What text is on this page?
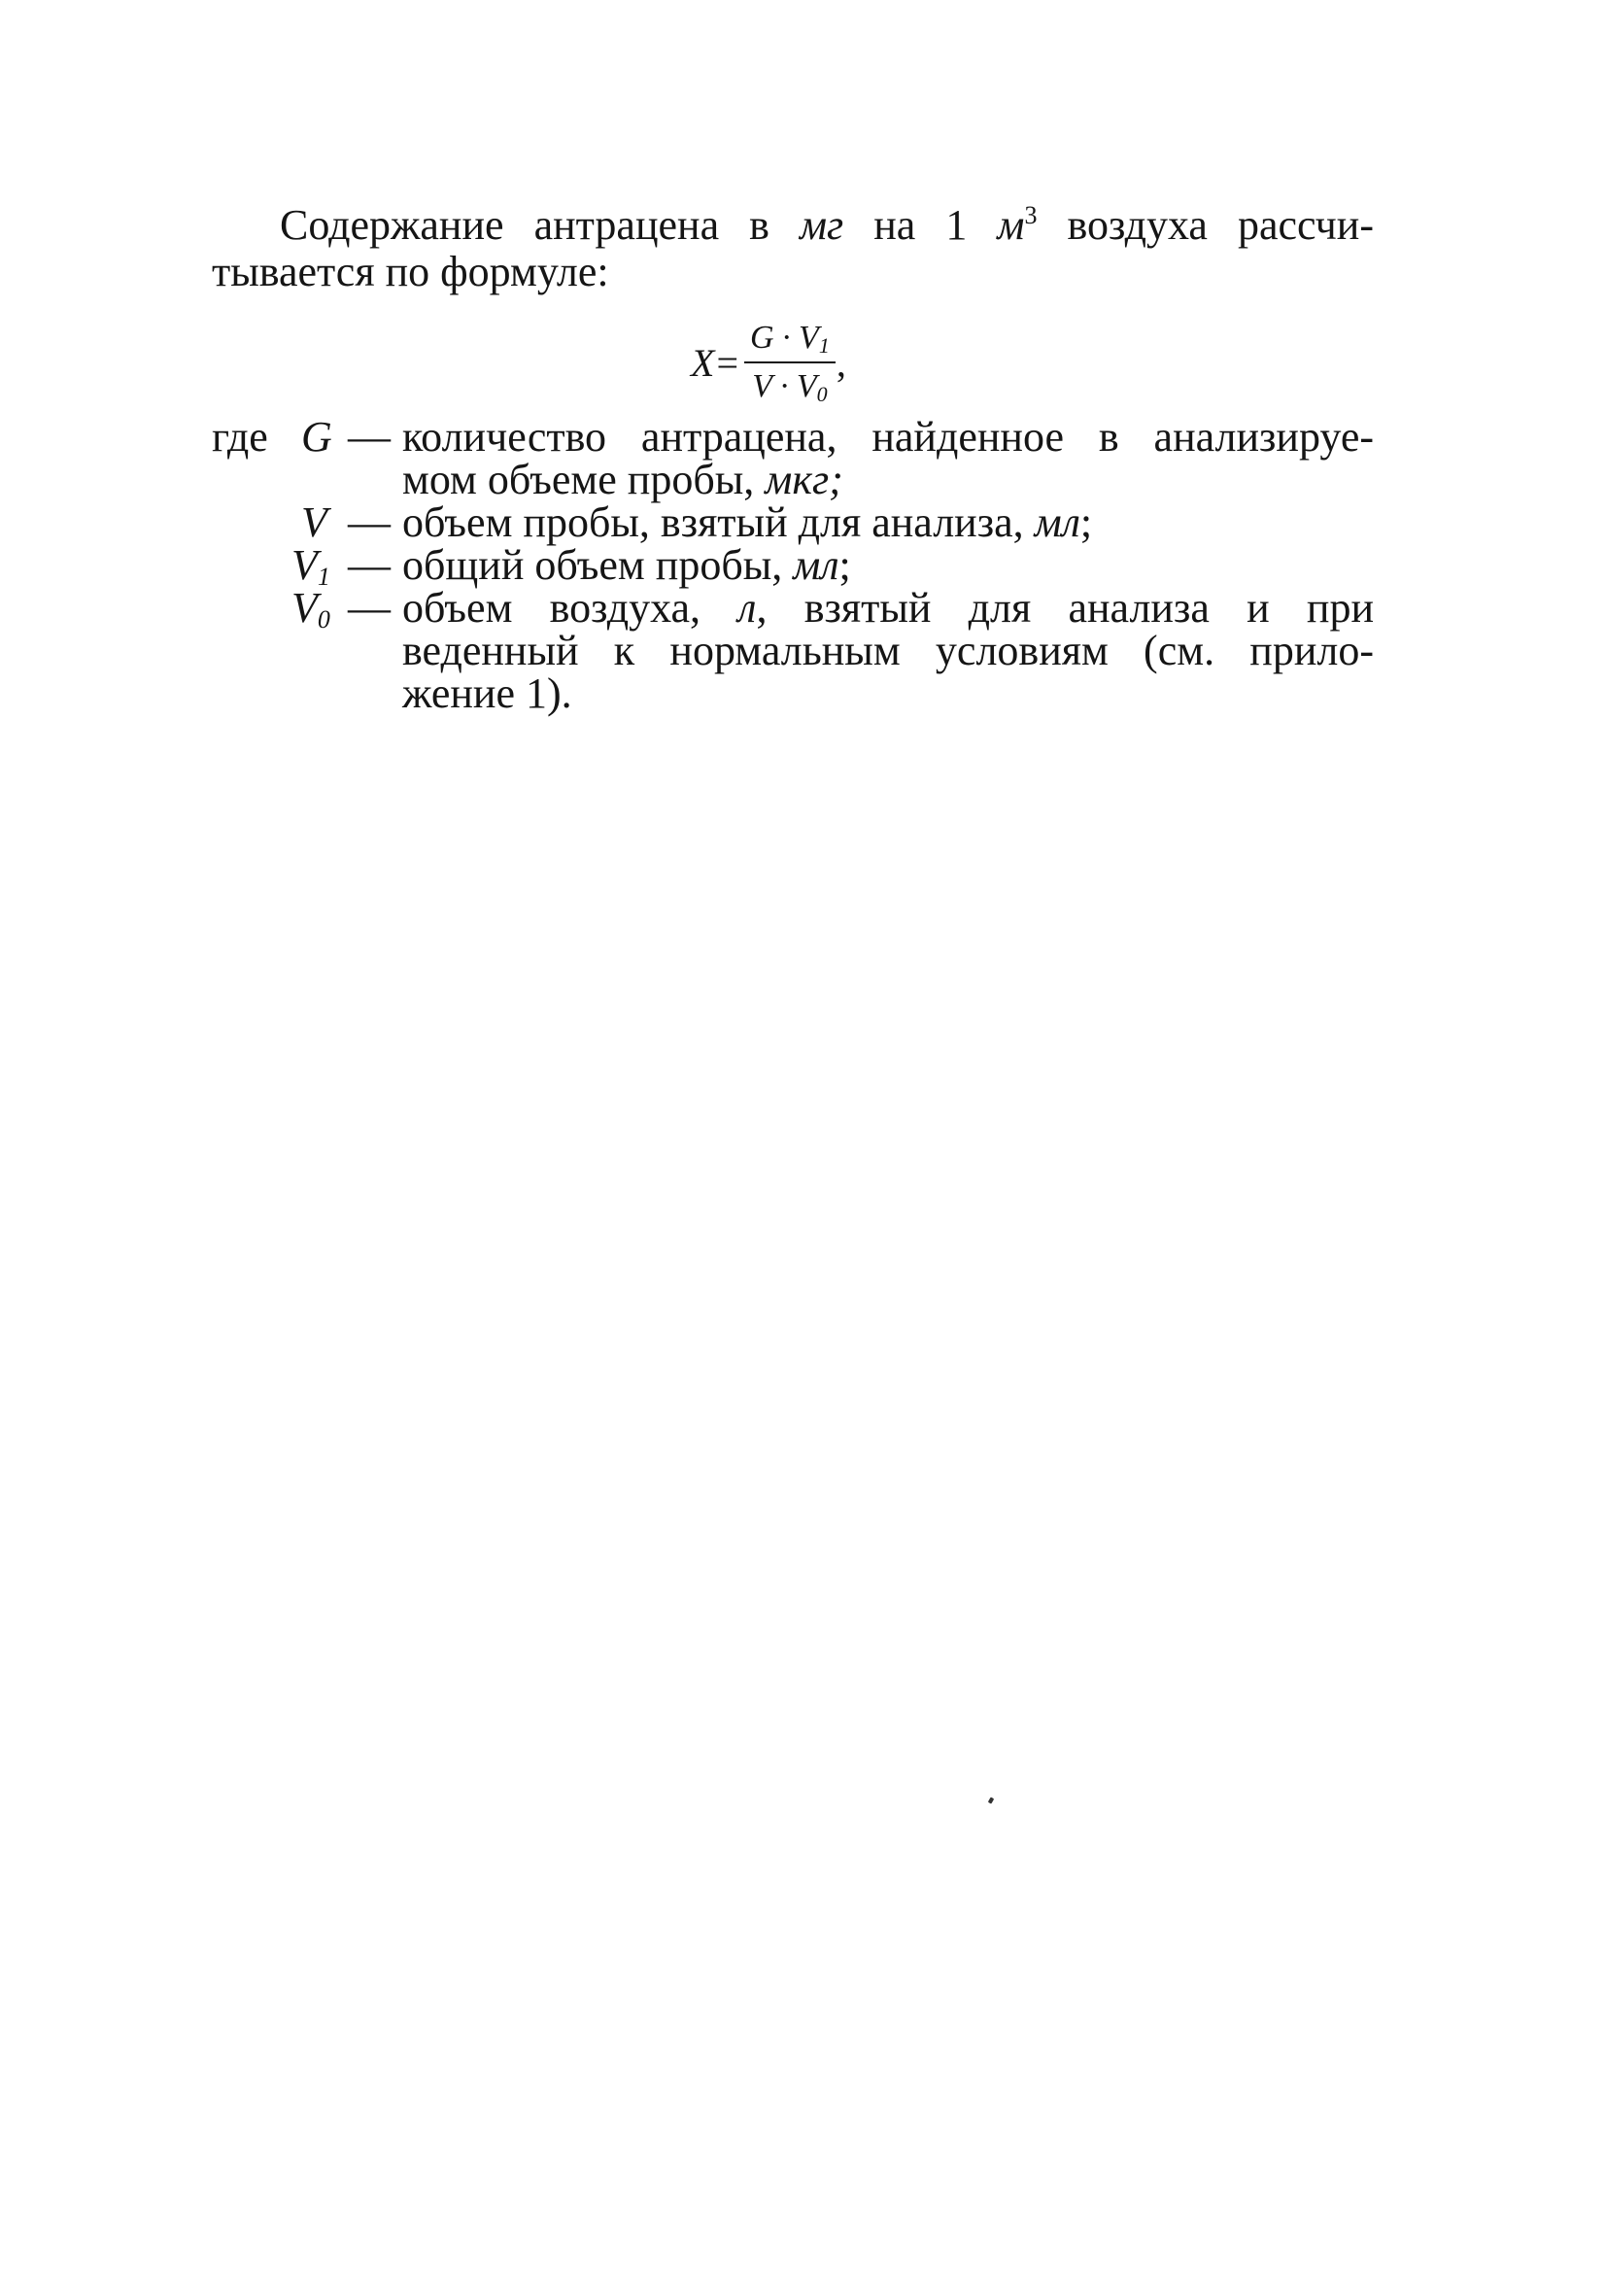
Содержание антрацена в мг на 1 $м^3$ воздуха рассчи-
тывается по формуле:

$X = \frac{G \cdot V_1}{V \cdot V_0}$ ,
где G — количество антрацена, найденное в анализируе-
мом объеме пробы, мкг;
V — объем пробы, взятый для анализа, мл;
$V_1$ — общий объем пробы, мл;
$V_0$ — объем воздуха, л, взятый для анализа и при
веденный к нормальным условиям (см. прило-
жение 1).
